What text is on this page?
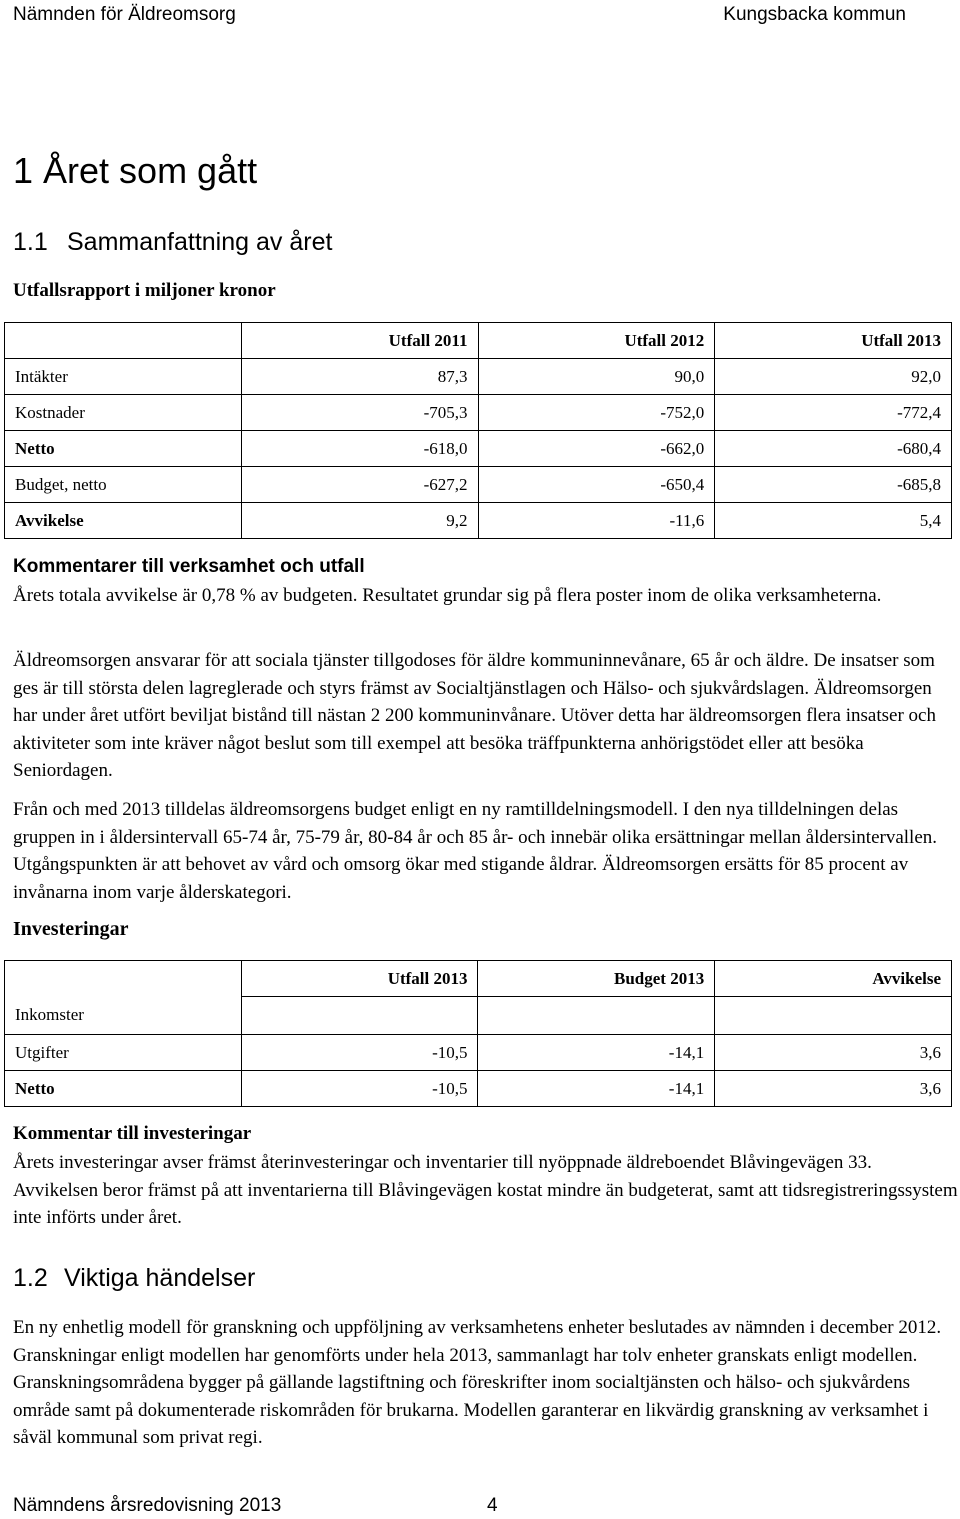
Nämnden för Äldreomsorg	Kungsbacka kommun
1 Året som gått
1.1 Sammanfattning av året
Utfallsrapport i miljoner kronor
	Utfall 2011	Utfall 2012	Utfall 2013
Intäkter	87,3	90,0	92,0
Kostnader	-705,3	-752,0	-772,4
Netto	-618,0	-662,0	-680,4
Budget, netto	-627,2	-650,4	-685,8
Avvikelse	9,2	-11,6	5,4
Kommentarer till verksamhet och utfall

Årets totala avvikelse är 0,78 % av budgeten. Resultatet grundar sig på flera poster inom de olika verksamheterna.

Äldreomsorgen ansvarar för att sociala tjänster tillgodoses för äldre kommuninnevånare, 65 år och äldre. De insatser som ges är till största delen lagreglerade och styrs främst av Socialtjänstlagen och Hälso- och sjukvårdslagen. Äldreomsorgen har under året utfört beviljat bistånd till nästan 2 200 kommuninvånare. Utöver detta har äldreomsorgen flera insatser och aktiviteter som inte kräver något beslut som till exempel att besöka träffpunkterna anhörigstödet eller att besöka Seniordagen.

Från och med 2013 tilldelas äldreomsorgens budget enligt en ny ramtilldelningsmodell. I den nya tilldelningen delas gruppen in i åldersintervall 65-74 år, 75-79 år, 80-84 år och 85 år- och innebär olika ersättningar mellan åldersintervallen. Utgångspunkten är att behovet av vård och omsorg ökar med stigande åldrar. Äldreomsorgen ersätts för 85 procent av invånarna inom varje ålderskategori.

Investeringar
	Utfall 2013	Budget 2013	Avvikelse
Inkomster			
Utgifter	-10,5	-14,1	3,6
Netto	-10,5	-14,1	3,6
Kommentar till investeringar

Årets investeringar avser främst återinvesteringar och inventarier till nyöppnade äldreboendet Blåvingevägen 33. Avvikelsen beror främst på att inventarierna till Blåvingevägen kostat mindre än budgeterat, samt att tidsregistreringssystem inte införts under året.

1.2 Viktiga händelser

En ny enhetlig modell för granskning och uppföljning av verksamhetens enheter beslutades av nämnden i december 2012. Granskningar enligt modellen har genomförts under hela 2013, sammanlagt har tolv enheter granskats enligt modellen. Granskningsområdena bygger på gällande lagstiftning och föreskrifter inom socialtjänsten och hälso- och sjukvårdens område samt på dokumenterade riskområden för brukarna. Modellen garanterar en likvärdig granskning av verksamhet i såväl kommunal som privat regi.

Nämndens årsredovisning 2013	4
